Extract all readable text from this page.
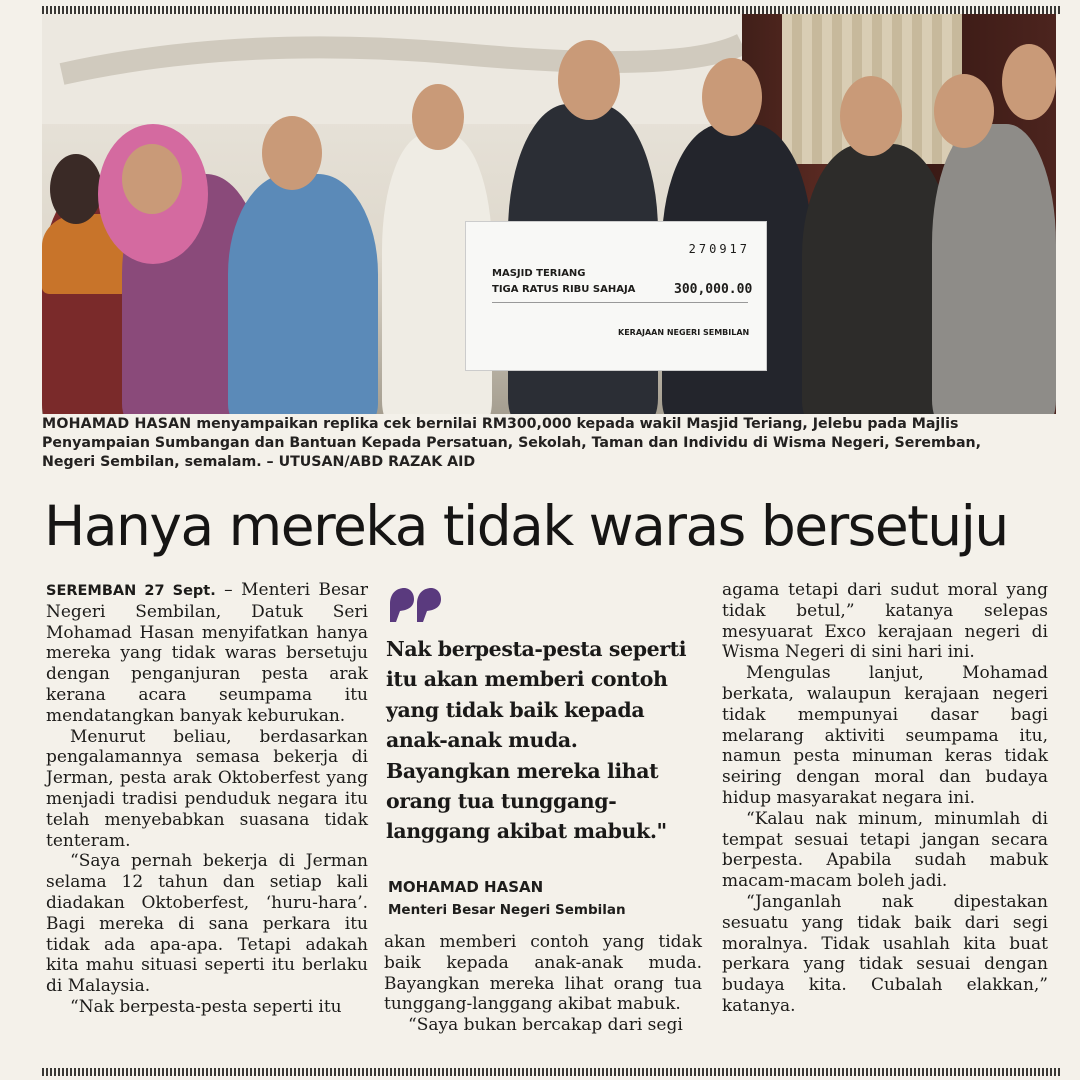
270917
MASJID TERIANG
TIGA RATUS RIBU SAHAJA	300,000.00
KERAJAAN NEGERI SEMBILAN

MOHAMAD HASAN menyampaikan replika cek bernilai RM300,000 kepada wakil Masjid Teriang, Jelebu pada Majlis Penyampaian Sumbangan dan Bantuan Kepada Persatuan, Sekolah, Taman dan Individu di Wisma Negeri, Seremban, Negeri Sembilan, semalam. – UTUSAN/ABD RAZAK AID

Hanya mereka tidak waras bersetuju

SEREMBAN 27 Sept. – Menteri Besar Negeri Sembilan, Datuk Seri Mohamad Hasan menyifatkan hanya mereka yang tidak waras bersetuju dengan penganjuran pesta arak kerana acara seumpama itu mendatangkan banyak keburukan.

Menurut beliau, berdasarkan pengalamannya semasa bekerja di Jerman, pesta arak Oktoberfest yang menjadi tradisi penduduk negara itu telah menyebabkan suasana tidak tenteram.

“Saya pernah bekerja di Jerman selama 12 tahun dan setiap kali diadakan Oktoberfest, ‘huru-hara’. Bagi mereka di sana perkara itu tidak ada apa-apa. Tetapi adakah kita mahu situasi seperti itu berlaku di Malaysia.

“Nak berpesta-pesta seperti itu

Nak berpesta-pesta seperti itu akan memberi contoh yang tidak baik kepada anak-anak muda. Bayangkan mereka lihat orang tua tunggang-langgang akibat mabuk."

MOHAMAD HASAN

Menteri Besar Negeri Sembilan

akan memberi contoh yang tidak baik kepada anak-anak muda. Bayangkan mereka lihat orang tua tunggang-langgang akibat mabuk.

“Saya bukan bercakap dari segi

agama tetapi dari sudut moral yang tidak betul,” katanya selepas mesyuarat Exco kerajaan negeri di Wisma Negeri di sini hari ini.

Mengulas lanjut, Mohamad berkata, walaupun kerajaan negeri tidak mempunyai dasar bagi melarang aktiviti seumpama itu, namun pesta minuman keras tidak seiring dengan moral dan budaya hidup masyarakat negara ini.

“Kalau nak minum, minumlah di tempat sesuai tetapi jangan secara berpesta. Apabila sudah mabuk macam-macam boleh jadi.

“Janganlah nak dipestakan sesuatu yang tidak baik dari segi moralnya. Tidak usahlah kita buat perkara yang tidak sesuai dengan budaya kita. Cubalah elakkan,” katanya.
